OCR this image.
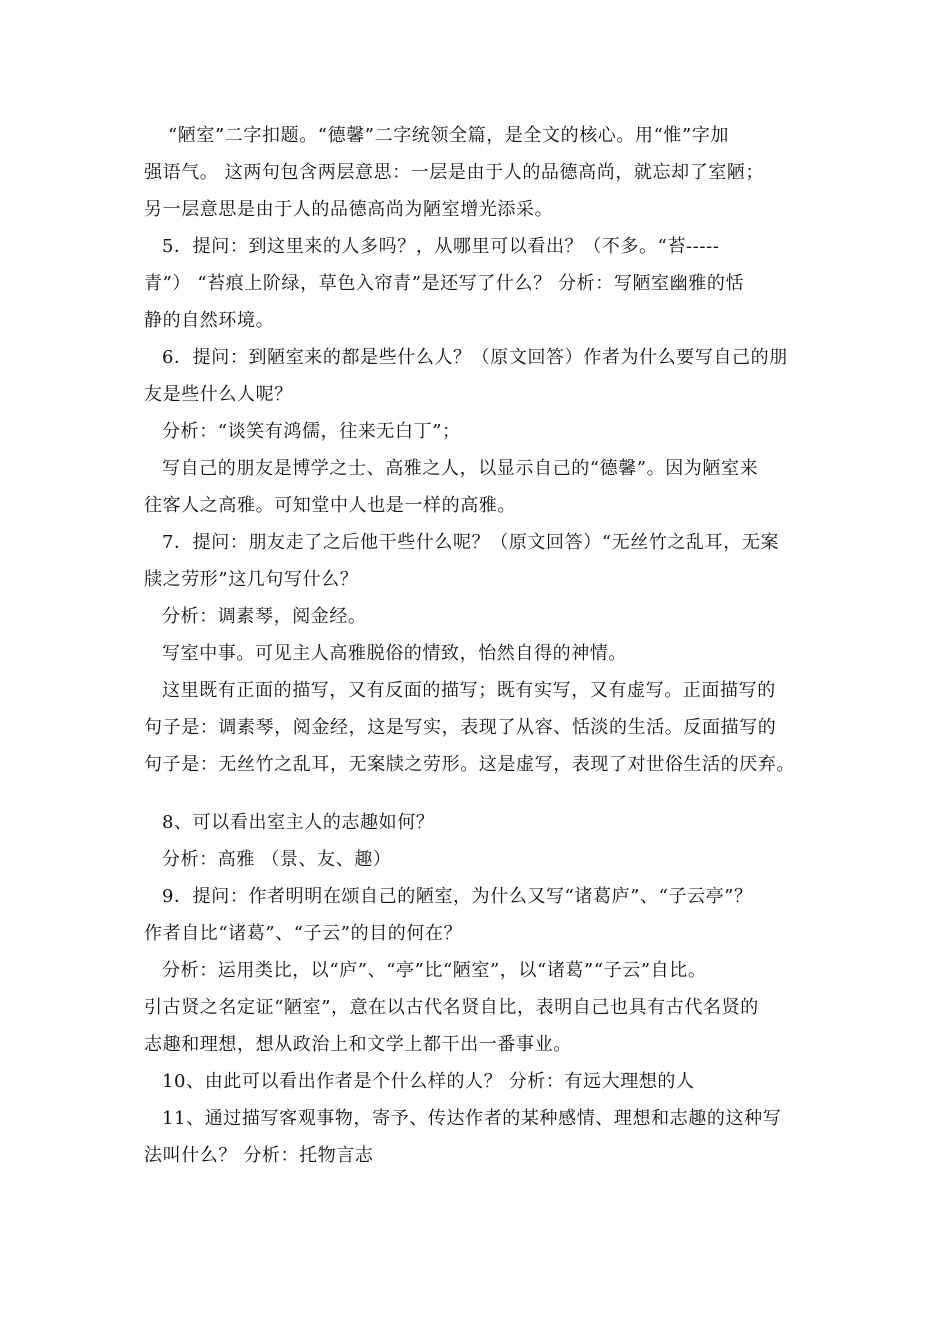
“陋室”二字扣题。“德馨”二字统领全篇，是全文的核心。用“惟”字加
强语气。 这两句包含两层意思：一层是由于人的品德高尚，就忘却了室陋；
另一层意思是由于人的品德高尚为陋室增光添采。
5．提问：到这里来的人多吗？，从哪里可以看出？（不多。“苔-----
青”） “苔痕上阶绿，草色入帘青”是还写了什么？ 分析：写陋室幽雅的恬
静的自然环境。
6．提问：到陋室来的都是些什么人？（原文回答）作者为什么要写自己的朋
友是些什么人呢？
分析：“谈笑有鸿儒，往来无白丁”；
写自己的朋友是博学之士、高雅之人，以显示自己的“德馨”。因为陋室来
往客人之高雅。可知堂中人也是一样的高雅。
7．提问：朋友走了之后他干些什么呢？（原文回答）“无丝竹之乱耳，无案
牍之劳形”这几句写什么？
分析：调素琴，阅金经。
写室中事。可见主人高雅脱俗的情致，怡然自得的神情。
这里既有正面的描写，又有反面的描写；既有实写，又有虚写。正面描写的
句子是：调素琴，阅金经，这是写实，表现了从容、恬淡的生活。反面描写的
句子是：无丝竹之乱耳，无案牍之劳形。这是虚写，表现了对世俗生活的厌弃。
8、可以看出室主人的志趣如何？
分析：高雅 （景、友、趣）
9．提问：作者明明在颂自己的陋室，为什么又写“诸葛庐”、“子云亭”？
作者自比“诸葛”、“子云”的目的何在？
分析：运用类比，以“庐”、“亭”比“陋室”，以“诸葛”“子云”自比。
引古贤之名定证“陋室”，意在以古代名贤自比，表明自己也具有古代名贤的
志趣和理想，想从政治上和文学上都干出一番事业。
10、由此可以看出作者是个什么样的人？ 分析：有远大理想的人
11、通过描写客观事物，寄予、传达作者的某种感情、理想和志趣的这种写
法叫什么？ 分析：托物言志
